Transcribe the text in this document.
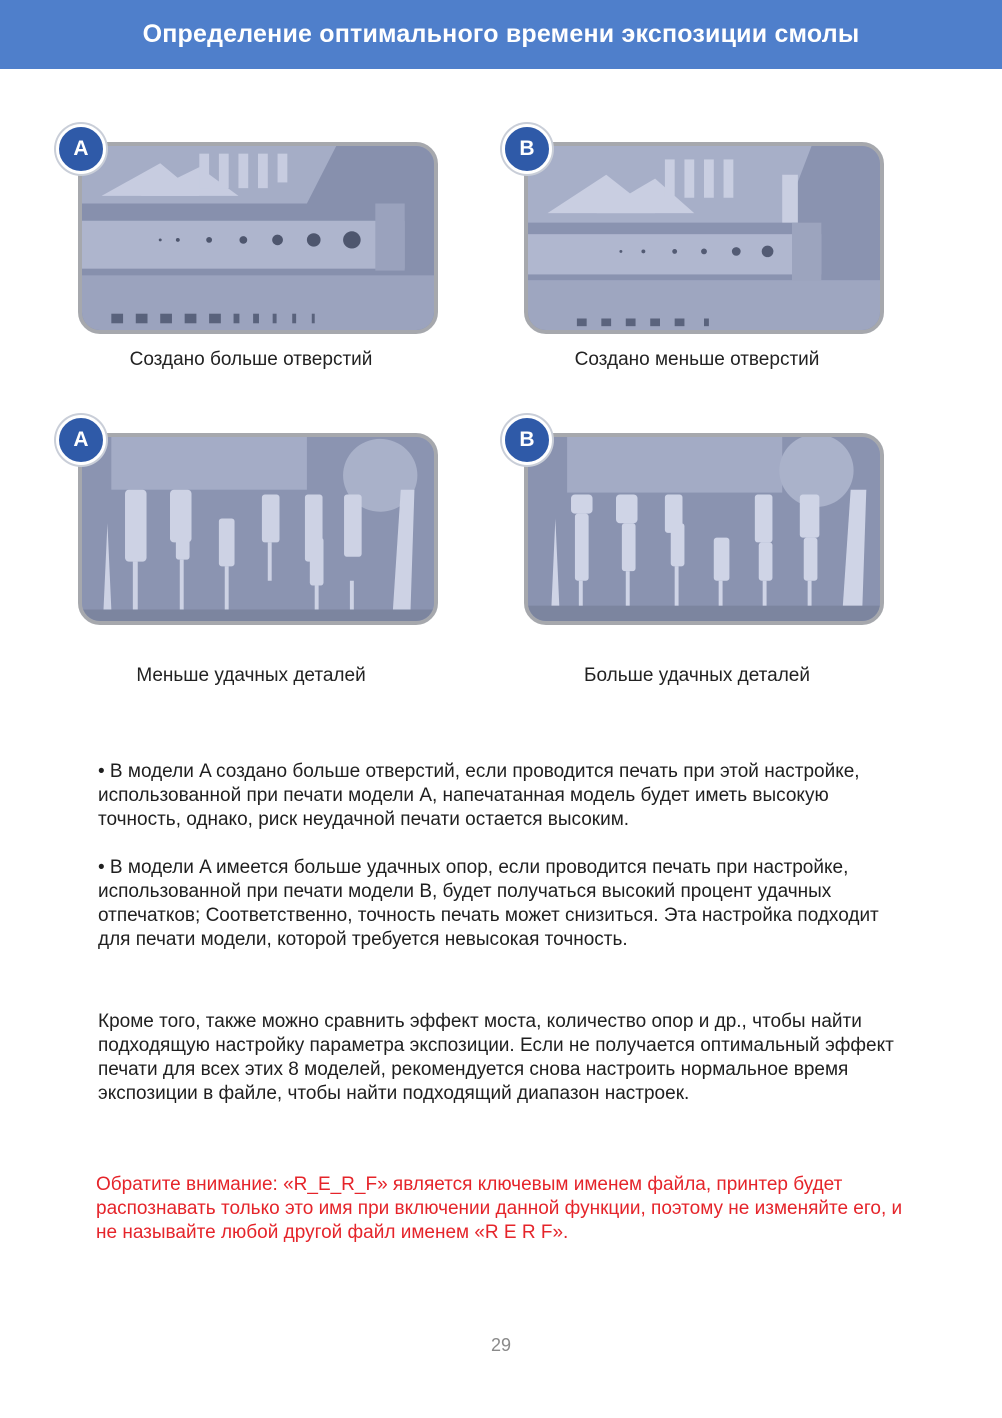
Определение оптимального времени экспозиции смолы
A
Создано больше отверстий
B
Создано меньше отверстий
A
Меньше удачных деталей
B
Больше удачных деталей

• В модели A создано больше отверстий, если проводится печать при этой настройке, использованной при печати модели A, напечатанная модель будет иметь высокую точность, однако, риск неудачной печати остается высоким.

• В модели A имеется больше удачных опор, если проводится печать при настройке, использованной при печати модели B, будет получаться высокий процент удачных отпечатков; Соответственно, точность печать может снизиться. Эта настройка подходит для печати модели, которой требуется невысокая точность.

Кроме того, также можно сравнить эффект моста, количество опор и др., чтобы найти подходящую настройку параметра экспозиции. Если не получается оптимальный эффект печати для всех этих 8 моделей, рекомендуется снова настроить нормальное время экспозиции в файле, чтобы найти подходящий диапазон настроек.

Обратите внимание: «R_E_R_F» является ключевым именем файла, принтер будет распознавать только это имя при включении данной функции, поэтому не изменяйте его, и не называйте любой другой файл именем «R E R F».

29
